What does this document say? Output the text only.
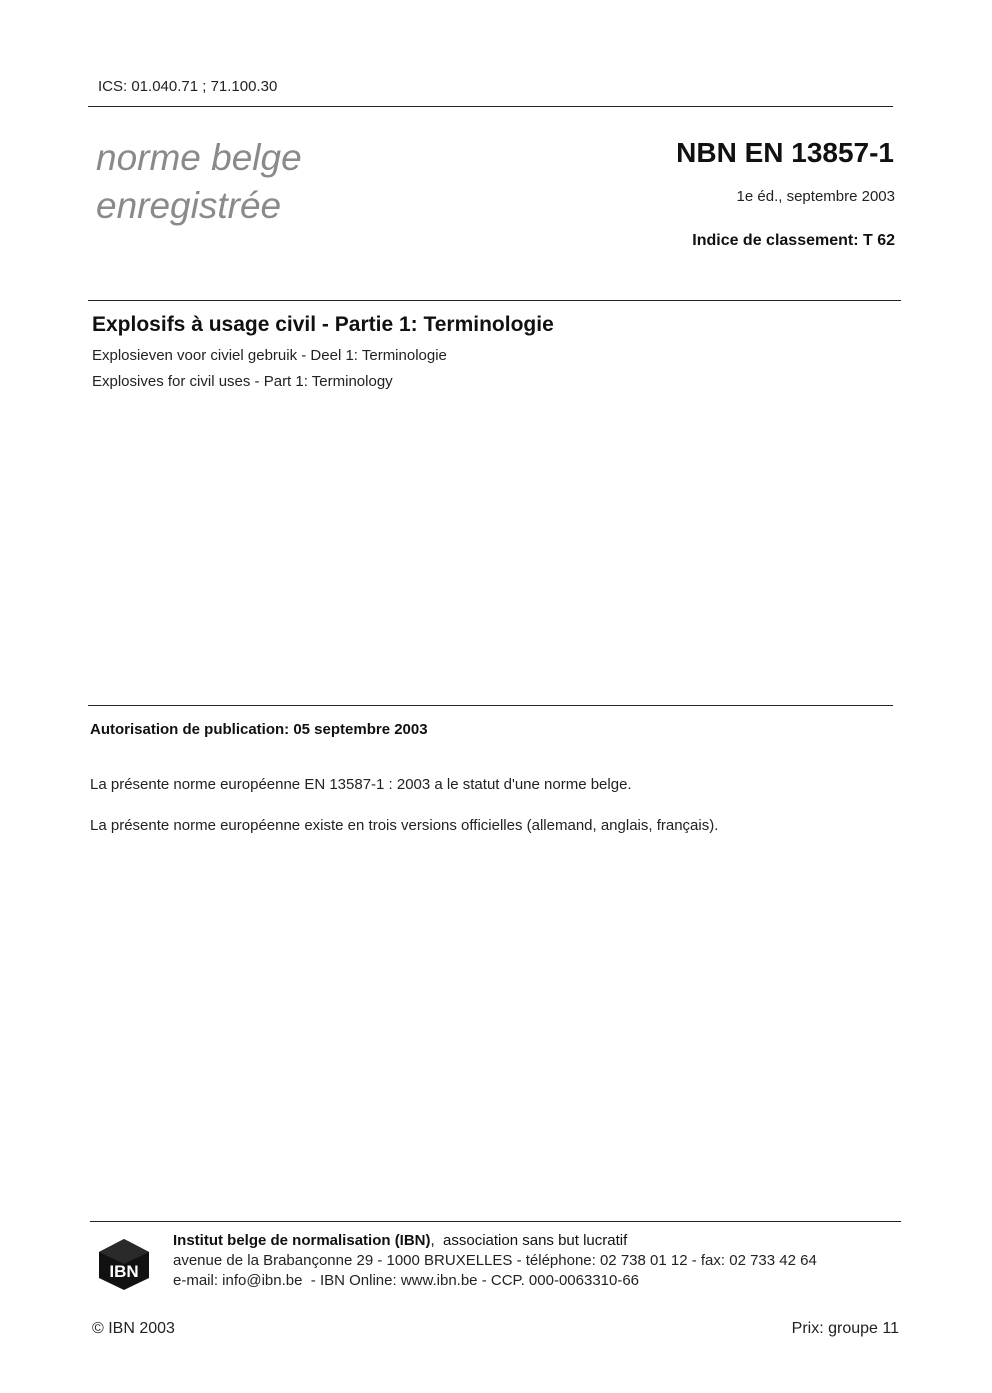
ICS: 01.040.71 ; 71.100.30
norme belge
enregistrée
NBN EN 13857-1
1e éd., septembre 2003
Indice de classement: T 62
Explosifs à usage civil - Partie 1: Terminologie
Explosieven voor civiel gebruik - Deel 1: Terminologie
Explosives for civil uses - Part 1: Terminology
Autorisation de publication: 05 septembre 2003
La présente norme européenne EN 13587-1 : 2003 a le statut d'une norme belge.
La présente norme européenne existe en trois versions officielles (allemand, anglais, français).
IBN
Institut belge de normalisation (IBN),  association sans but lucratif
avenue de la Brabançonne 29 - 1000 BRUXELLES - téléphone: 02 738 01 12 - fax: 02 733 42 64
e-mail: info@ibn.be  - IBN Online: www.ibn.be - CCP. 000-0063310-66
© IBN 2003	Prix: groupe 11
